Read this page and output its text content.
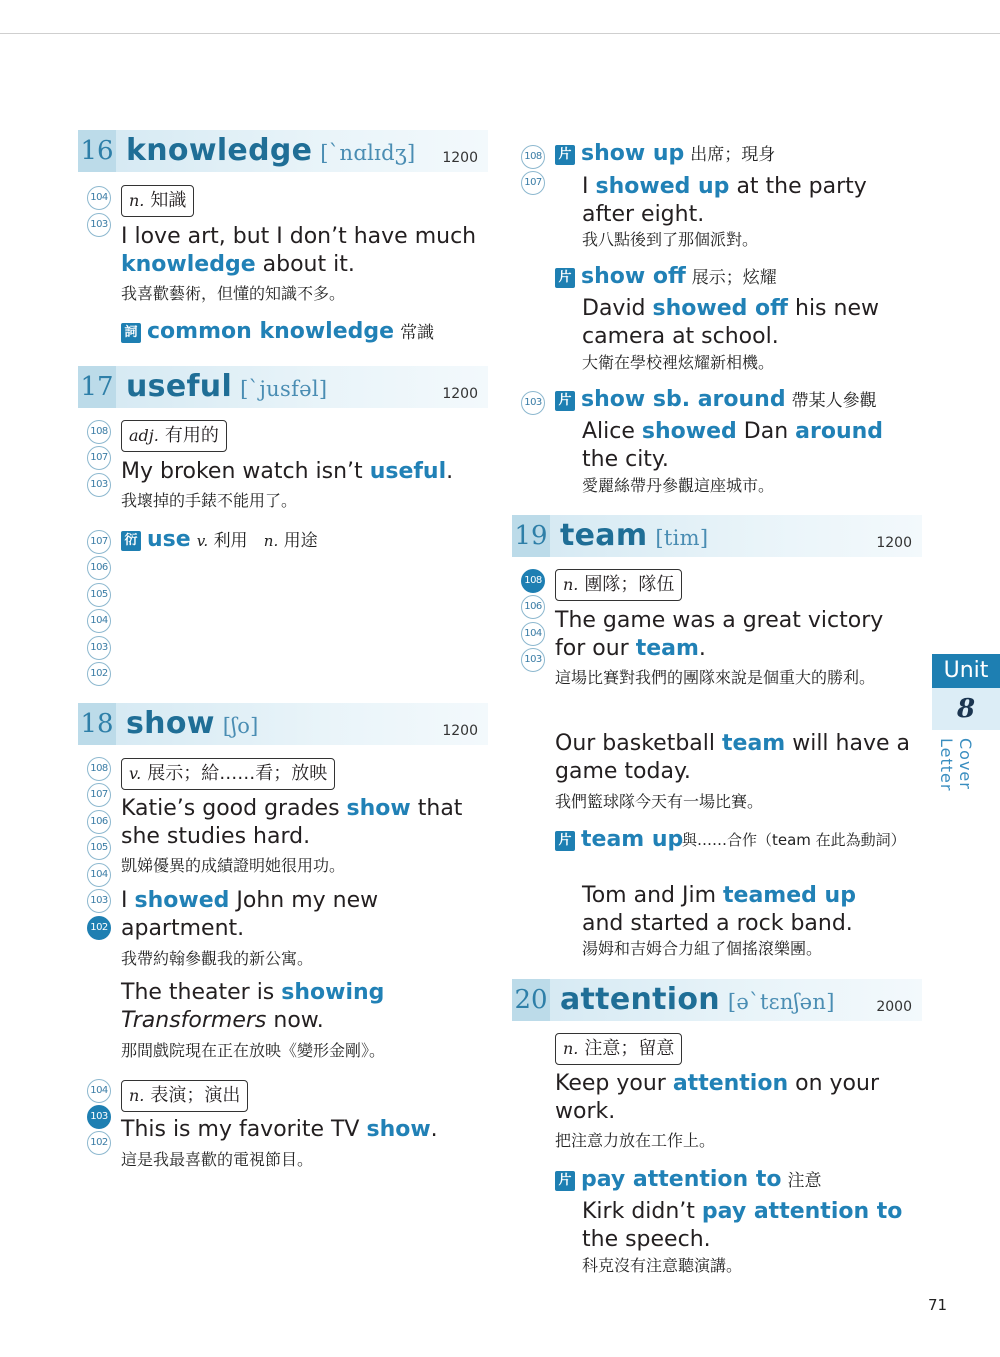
16 knowledge [ˋnɑlɪdʒ] 1200
104
103
n. 知識
I love art, but I don’t have much knowledge about it.
我喜歡藝術，但懂的知識不多。
詞 common knowledge 常識
17 useful [ˋjusfəl]	1200
108
107
103
adj. 有用的
My broken watch isn’t useful.
我壞掉的手錶不能用了。
107
106
105
104
103
102
衍 use v. 利用 n. 用途
18 show [ʃo]	1200
108
107
106
105
104
103
102
v. 展示；給……看；放映
Katie’s good grades show that she studies hard.
凱娣優異的成績證明她很用功。
I showed John my new apartment.
我帶約翰參觀我的新公寓。
The theater is showing Transformers now.
那間戲院現在正在放映《變形金剛》。
104
103
102
n. 表演；演出
This is my favorite TV show.
這是我最喜歡的電視節目。
108
107
片 show up 出席；現身
I showed up at the party after eight.
我八點後到了那個派對。
片 show off 展示；炫耀
David showed off his new camera at school.
大衛在學校裡炫耀新相機。
103 片 show sb. around 帶某人參觀
Alice showed Dan around the city.
愛麗絲帶丹參觀這座城市。
19 team [tim]	1200
108
106
104
103
n. 團隊；隊伍
The game was a great victory for our team.
這場比賽對我們的團隊來說是個重大的勝利。
Our basketball team will have a game today.
我們籃球隊今天有一場比賽。
片 team up
與……合作（team 在此為動詞）
Tom and Jim teamed up and started a rock band.
湯姆和吉姆合力組了個搖滾樂團。
20 attention [əˋtɛnʃən]	2000
n. 注意；留意
Keep your attention on your work.
把注意力放在工作上。
片 pay attention to 注意
Kirk didn’t pay attention to the speech.
科克沒有注意聽演講。
Unit
8
Cover Letter
71
